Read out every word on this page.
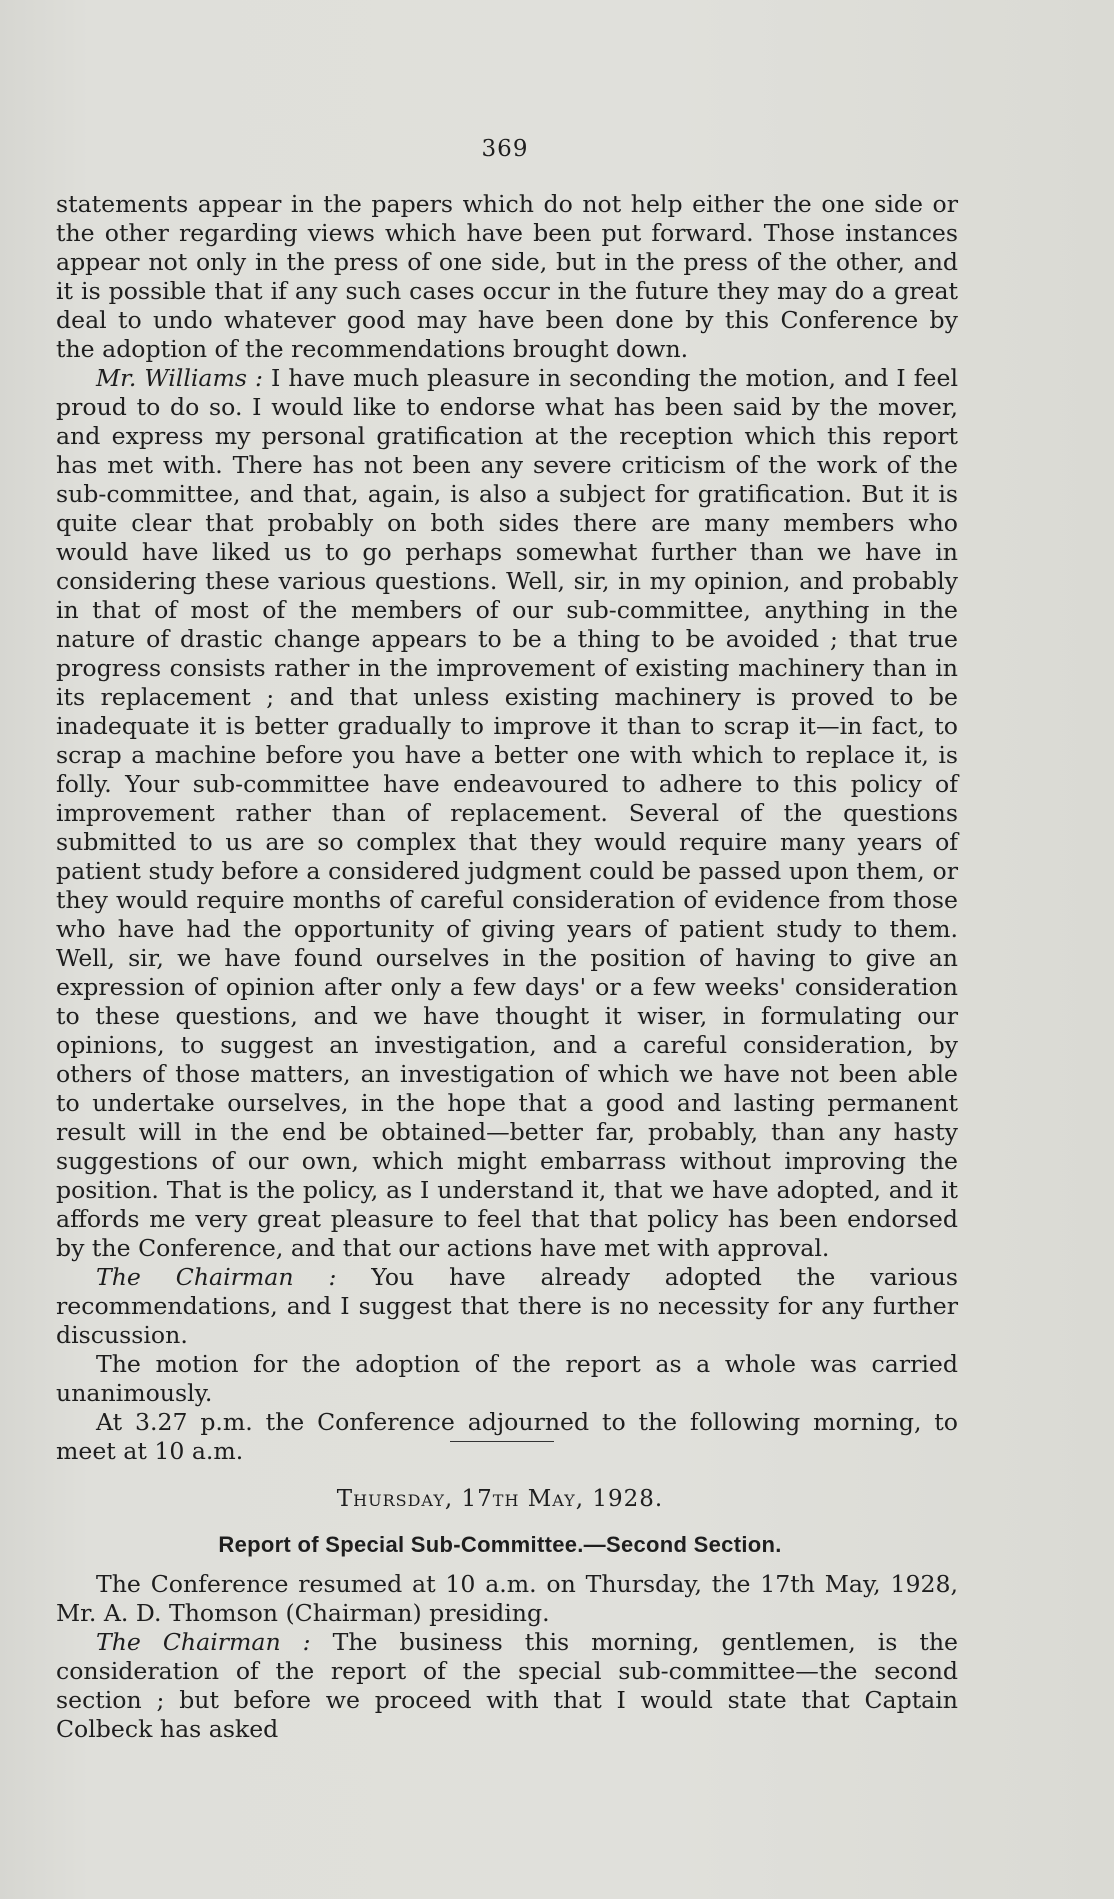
369

statements appear in the papers which do not help either the one side or the other regarding views which have been put forward. Those instances appear not only in the press of one side, but in the press of the other, and it is possible that if any such cases occur in the future they may do a great deal to undo whatever good may have been done by this Conference by the adoption of the recommendations brought down.

Mr. Williams : I have much pleasure in seconding the motion, and I feel proud to do so. I would like to endorse what has been said by the mover, and express my personal gratification at the reception which this report has met with. There has not been any severe criticism of the work of the sub-committee, and that, again, is also a subject for gratification. But it is quite clear that probably on both sides there are many members who would have liked us to go perhaps somewhat further than we have in considering these various questions. Well, sir, in my opinion, and probably in that of most of the members of our sub-committee, anything in the nature of drastic change appears to be a thing to be avoided ; that true progress consists rather in the improvement of existing machinery than in its replacement ; and that unless existing machinery is proved to be inadequate it is better gradually to improve it than to scrap it—in fact, to scrap a machine before you have a better one with which to replace it, is folly. Your sub-committee have endeavoured to adhere to this policy of improvement rather than of replacement. Several of the questions submitted to us are so complex that they would require many years of patient study before a considered judgment could be passed upon them, or they would require months of careful consideration of evidence from those who have had the opportunity of giving years of patient study to them. Well, sir, we have found ourselves in the position of having to give an expression of opinion after only a few days' or a few weeks' consideration to these questions, and we have thought it wiser, in formulating our opinions, to suggest an investigation, and a careful consideration, by others of those matters, an investigation of which we have not been able to undertake ourselves, in the hope that a good and lasting permanent result will in the end be obtained—better far, probably, than any hasty suggestions of our own, which might embarrass without improving the position. That is the policy, as I understand it, that we have adopted, and it affords me very great pleasure to feel that that policy has been endorsed by the Conference, and that our actions have met with approval.

The Chairman : You have already adopted the various recommendations, and I suggest that there is no necessity for any further discussion.

The motion for the adoption of the report as a whole was carried unanimously.

At 3.27 p.m. the Conference adjourned to the following morning, to meet at 10 a.m.

Thursday, 17th May, 1928.
Report of Special Sub-Committee.—Second Section.

The Conference resumed at 10 a.m. on Thursday, the 17th May, 1928, Mr. A. D. Thomson (Chairman) presiding.

The Chairman : The business this morning, gentlemen, is the consideration of the report of the special sub-committee—the second section ; but before we proceed with that I would state that Captain Colbeck has asked
